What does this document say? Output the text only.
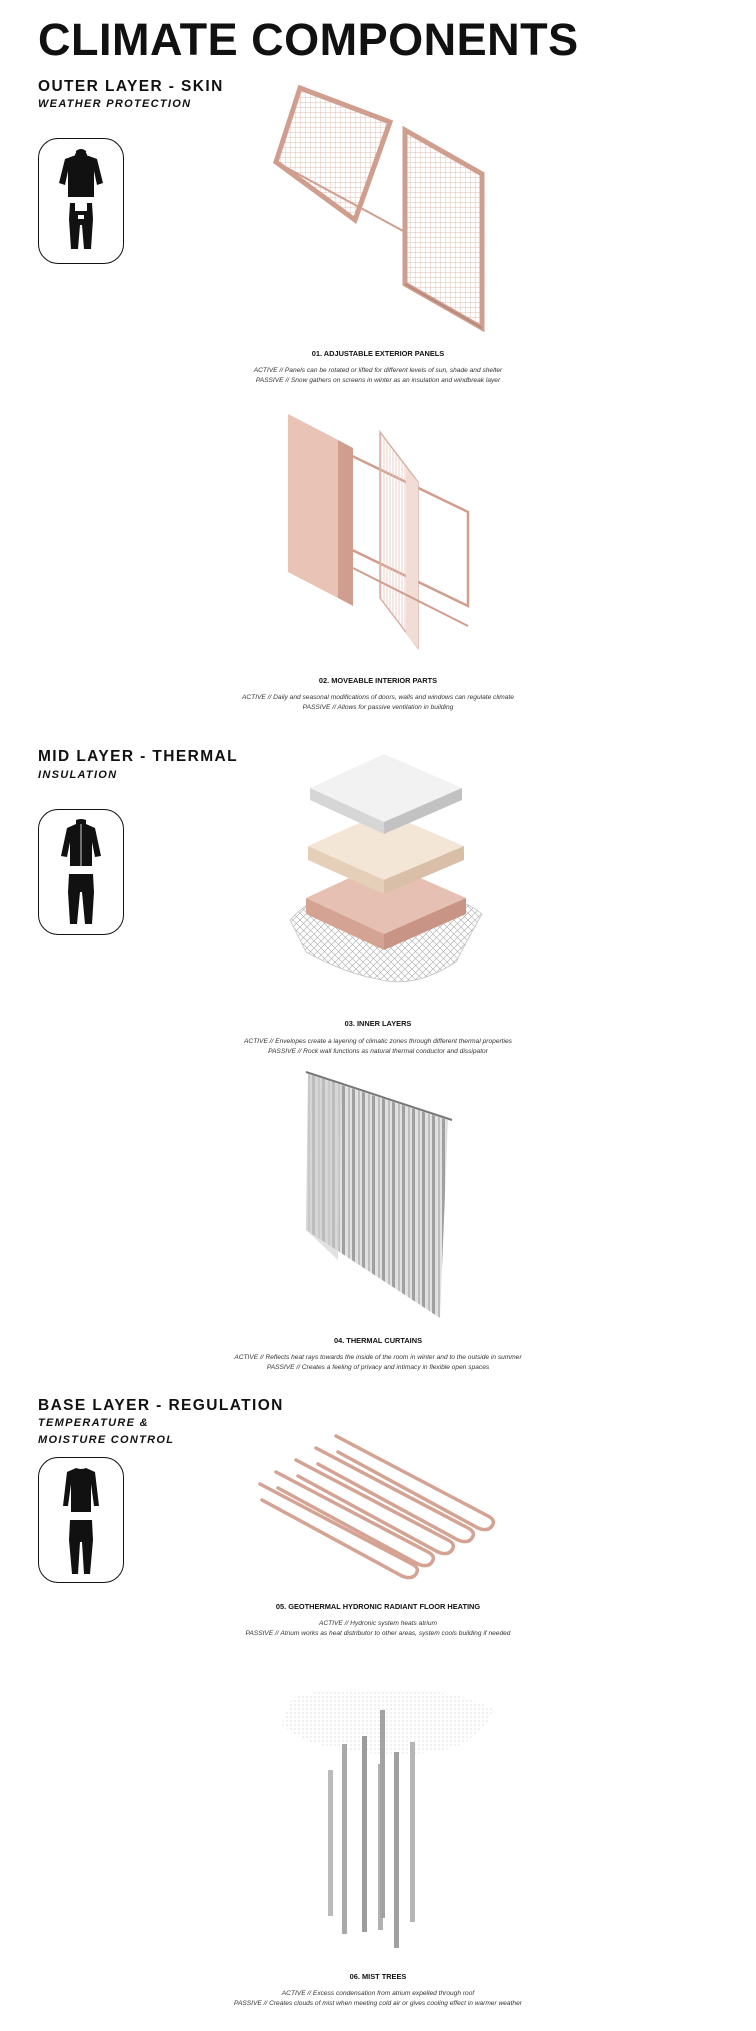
CLIMATE COMPONENTS
OUTER LAYER - SKIN
WEATHER PROTECTION
01. ADJUSTABLE EXTERIOR PANELS
ACTIVE // Panels can be rotated or lifted for different levels of sun, shade and shelter
PASSIVE // Snow gathers on screens in winter as an insulation and windbreak layer
02. MOVEABLE INTERIOR PARTS
ACTIVE // Daily and seasonal modifications of doors, walls and windows can regulate climate
PASSIVE // Allows for passive ventilation in building
MID LAYER - THERMAL
INSULATION
03. INNER LAYERS
ACTIVE // Envelopes create a layering of climatic zones through different thermal properties
PASSIVE // Rock wall functions as natural thermal conductor and dissipator
04. THERMAL CURTAINS
ACTIVE // Reflects heat rays towards the inside of the room in winter and to the outside in summer
PASSIVE // Creates a feeling of privacy and intimacy in flexible open spaces
BASE LAYER - REGULATION
TEMPERATURE &
MOISTURE CONTROL
05. GEOTHERMAL HYDRONIC RADIANT FLOOR HEATING
ACTIVE // Hydronic system heats atrium
PASSIVE // Atrium works as heat distributor to other areas, system cools building if needed
06. MIST TREES
ACTIVE // Excess condensation from atrium expelled through roof
PASSIVE // Creates clouds of mist when meeting cold air or gives cooling effect in warmer weather
